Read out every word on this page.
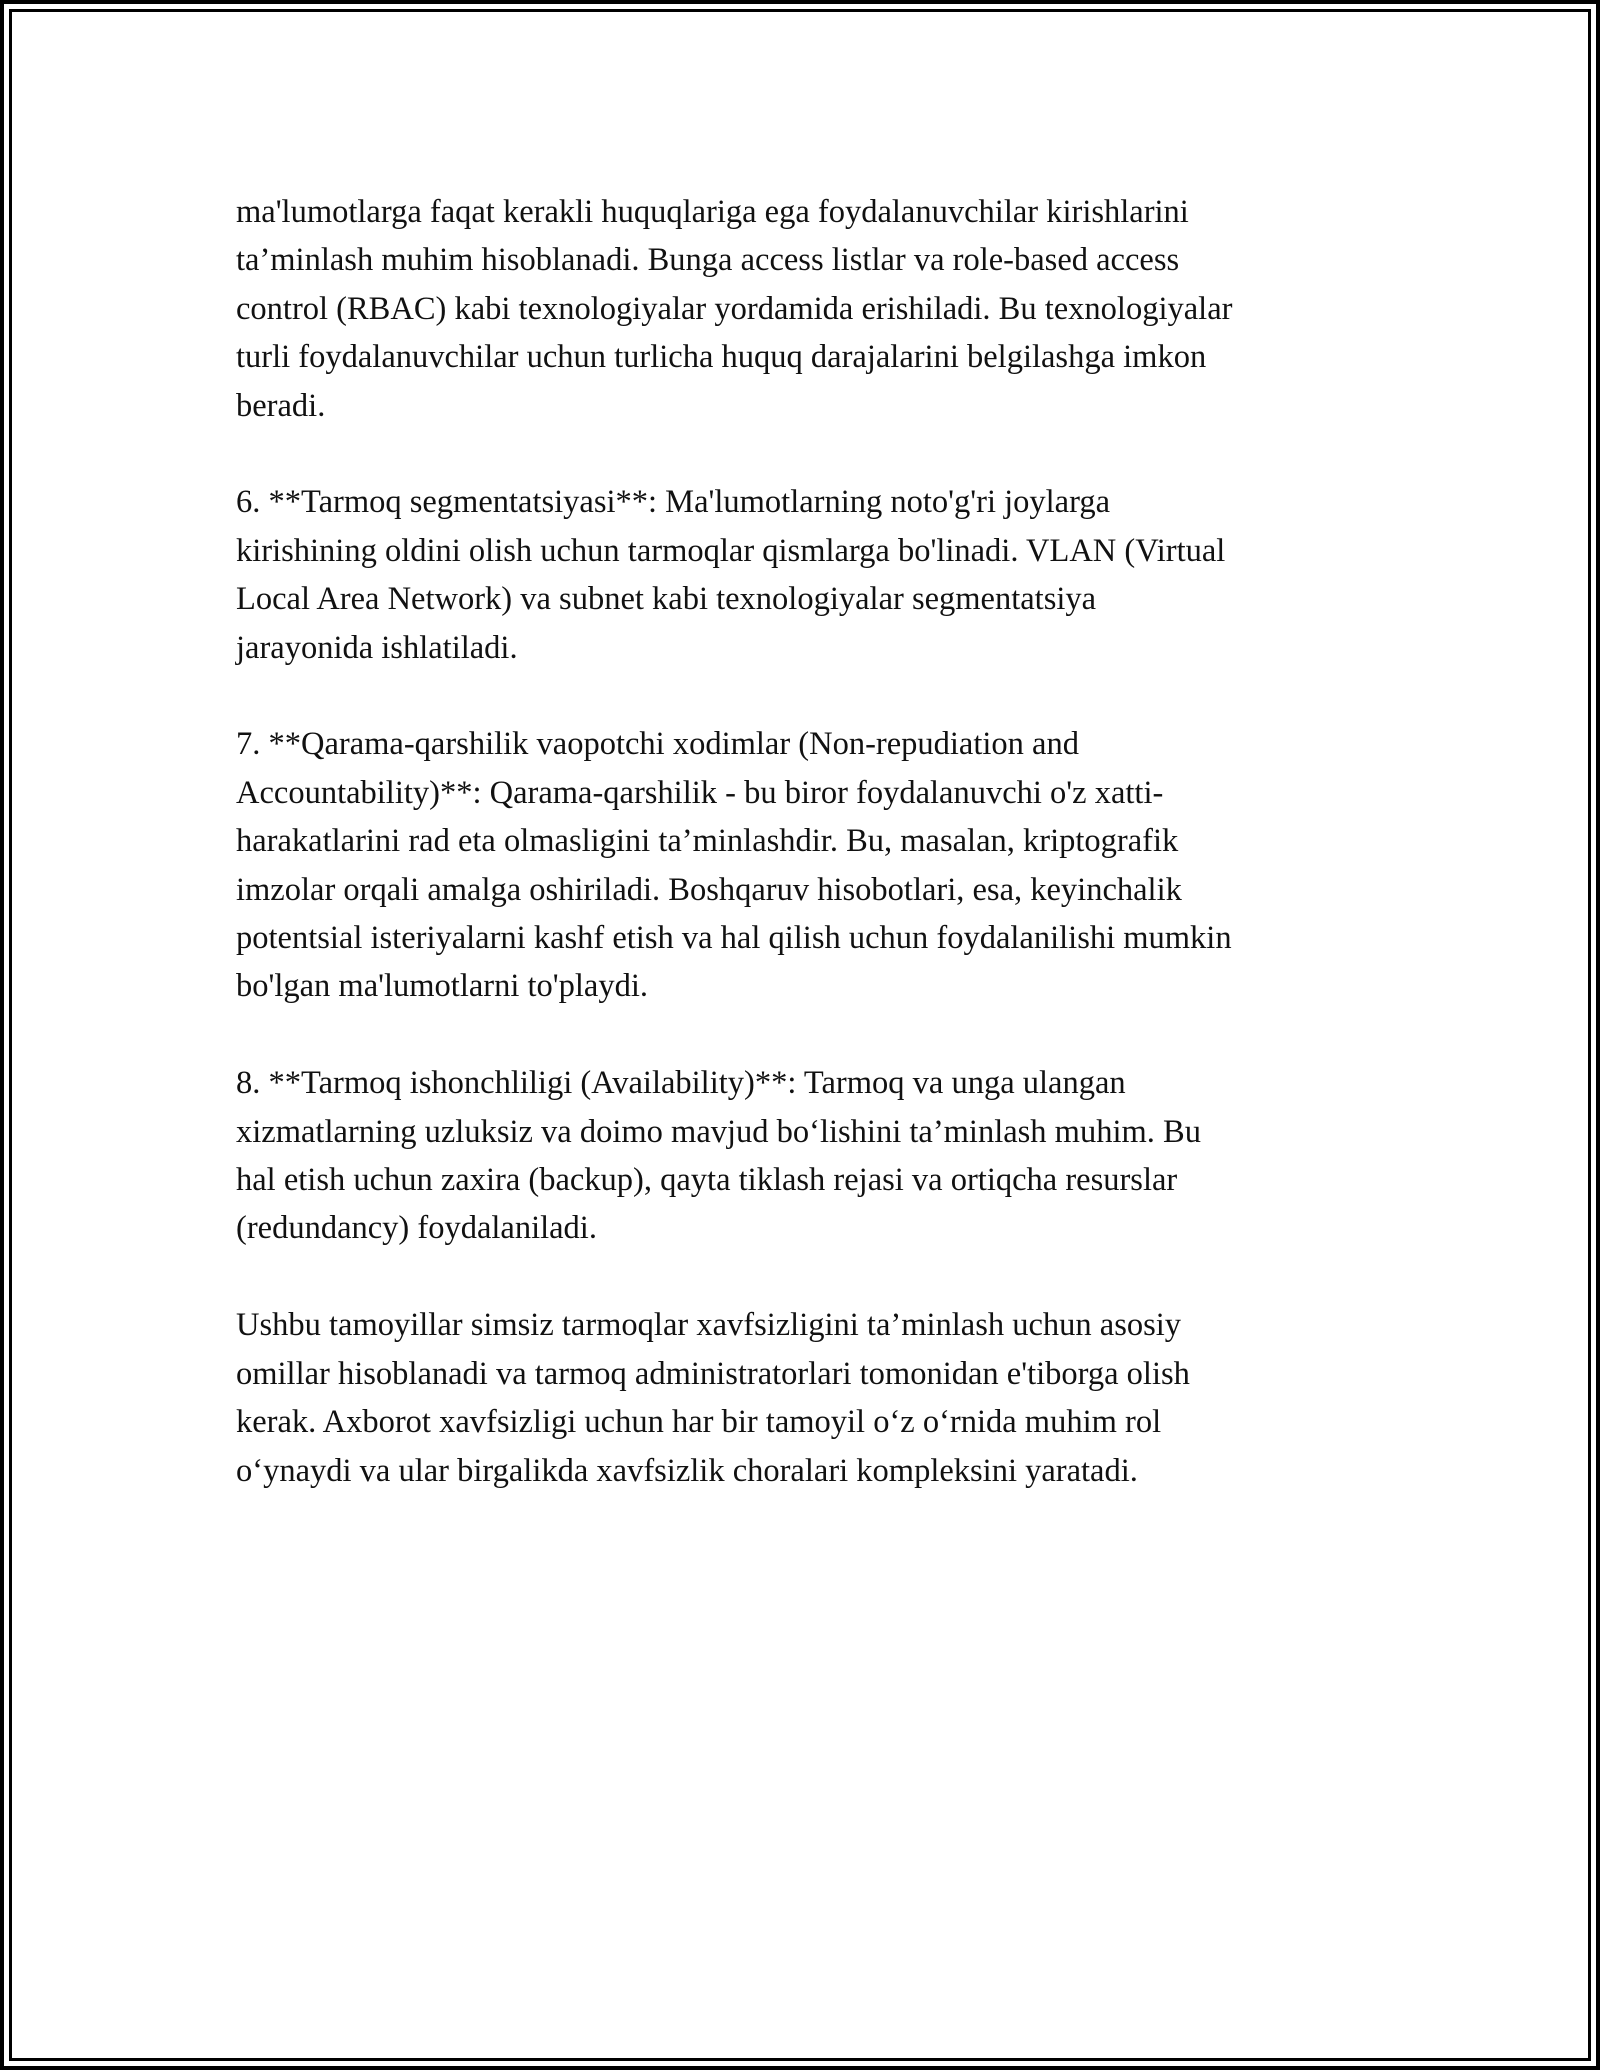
ma'lumotlarga faqat kerakli huquqlariga ega foydalanuvchilar kirishlarini
ta’minlash muhim hisoblanadi. Bunga access listlar va role-based access
control (RBAC) kabi texnologiyalar yordamida erishiladi. Bu texnologiyalar
turli foydalanuvchilar uchun turlicha huquq darajalarini belgilashga imkon
beradi.

6. **Tarmoq segmentatsiyasi**: Ma'lumotlarning noto'g'ri joylarga
kirishining oldini olish uchun tarmoqlar qismlarga bo'linadi. VLAN (Virtual
Local Area Network) va subnet kabi texnologiyalar segmentatsiya
jarayonida ishlatiladi.

7. **Qarama-qarshilik vaopotchi xodimlar (Non-repudiation and
Accountability)**: Qarama-qarshilik - bu biror foydalanuvchi o'z xatti-
harakatlarini rad eta olmasligini ta’minlashdir. Bu, masalan, kriptografik
imzolar orqali amalga oshiriladi. Boshqaruv hisobotlari, esa, keyinchalik
potentsial isteriyalarni kashf etish va hal qilish uchun foydalanilishi mumkin
bo'lgan ma'lumotlarni to'playdi.

8. **Tarmoq ishonchliligi (Availability)**: Tarmoq va unga ulangan
xizmatlarning uzluksiz va doimo mavjud bo‘lishini ta’minlash muhim. Bu
hal etish uchun zaxira (backup), qayta tiklash rejasi va ortiqcha resurslar
(redundancy) foydalaniladi.

Ushbu tamoyillar simsiz tarmoqlar xavfsizligini ta’minlash uchun asosiy
omillar hisoblanadi va tarmoq administratorlari tomonidan e'tiborga olish
kerak. Axborot xavfsizligi uchun har bir tamoyil o‘z o‘rnida muhim rol
o‘ynaydi va ular birgalikda xavfsizlik choralari kompleksini yaratadi.
